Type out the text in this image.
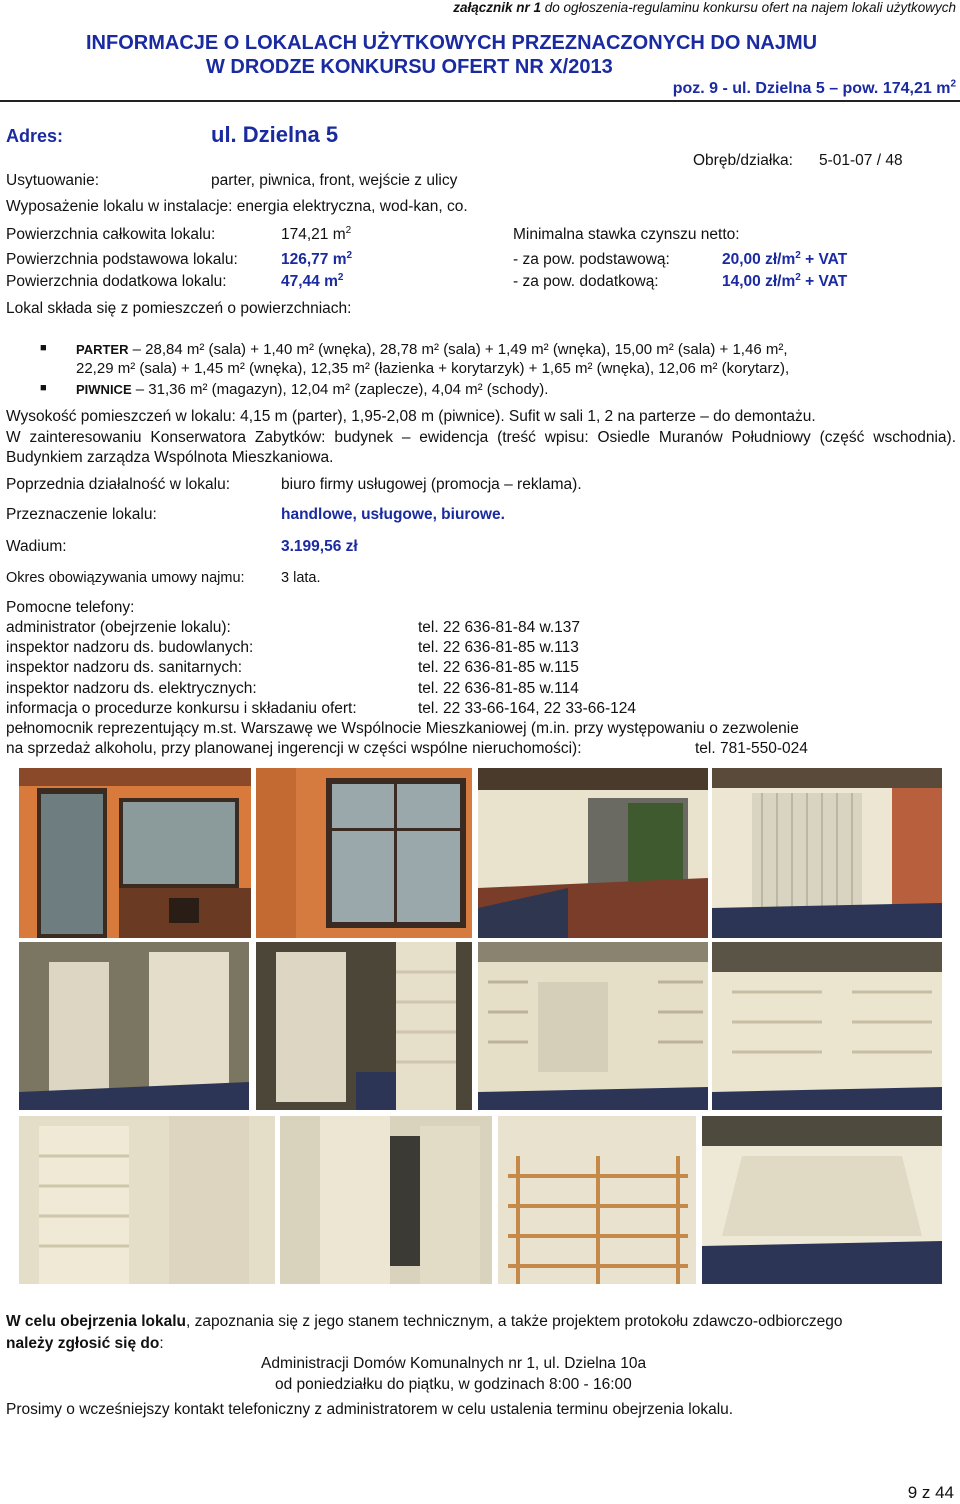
załącznik nr 1 do ogłoszenia-regulaminu konkursu ofert na najem lokali użytkowych
INFORMACJE O LOKALACH UŻYTKOWYCH PRZEZNACZONYCH DO NAJMU
W DRODZE KONKURSU OFERT NR X/2013
poz. 9 - ul. Dzielna 5 – pow. 174,21 $m^2$
Adres:	ul. Dzielna 5
Obręb/działka: 5-01-07 / 48
Usytuowanie:	parter, piwnica, front, wejście z ulicy
Wyposażenie lokalu w instalacje: energia elektryczna, wod-kan, co.
Powierzchnia całkowita lokalu:	174,21 $m^2$	Minimalna stawka czynszu netto:
Powierzchnia podstawowa lokalu:	126,77 $m^2$	- za pow. podstawową:	20,00 $zł/m^2$ + VAT
Powierzchnia dodatkowa lokalu:	47,44 $m^2$	- za pow. dodatkową:	14,00 $zł/m^2$ + VAT
Lokal składa się z pomieszczeń o powierzchniach:
■ PARTER – 28,84 m² (sala) + 1,40 m² (wnęka), 28,78 m² (sala) + 1,49 m² (wnęka), 15,00 m² (sala) + 1,46 m²,
22,29 m² (sala) + 1,45 m² (wnęka), 12,35 m² (łazienka + korytarzyk) + 1,65 m² (wnęka), 12,06 m² (korytarz),
■ PIWNICE – 31,36 m² (magazyn), 12,04 m² (zaplecze), 4,04 m² (schody).
Wysokość pomieszczeń w lokalu: 4,15 m (parter), 1,95-2,08 m (piwnice). Sufit w sali 1, 2 na parterze – do demontażu.
W zainteresowaniu Konserwatora Zabytków: budynek – ewidencja (treść wpisu: Osiedle Muranów Południowy (część wschodnia). Budynkiem zarządza Wspólnota Mieszkaniowa.
Poprzednia działalność w lokalu:	biuro firmy usługowej (promocja – reklama).
Przeznaczenie lokalu:	handlowe, usługowe, biurowe.
Wadium:	3.199,56 zł
Okres obowiązywania umowy najmu:	3 lata.
Pomocne telefony:
administrator (obejrzenie lokalu):	tel. 22 636-81-84 w.137
inspektor nadzoru ds. budowlanych:	tel. 22 636-81-85 w.113
inspektor nadzoru ds. sanitarnych:	tel. 22 636-81-85 w.115
inspektor nadzoru ds. elektrycznych:	tel. 22 636-81-85 w.114
informacja o procedurze konkursu i składaniu ofert:	tel. 22 33-66-164, 22 33-66-124
pełnomocnik reprezentujący m.st. Warszawę we Wspólnocie Mieszkaniowej (m.in. przy występowaniu o zezwolenie
na sprzedaż alkoholu, przy planowanej ingerencji w części wspólne nieruchomości):	tel. 781-550-024
W celu obejrzenia lokalu, zapoznania się z jego stanem technicznym, a także projektem protokołu zdawczo-odbiorczego
należy zgłosić się do:
Administracji Domów Komunalnych nr 1, ul. Dzielna 10a
od poniedziałku do piątku, w godzinach 8:00 - 16:00
Prosimy o wcześniejszy kontakt telefoniczny z administratorem w celu ustalenia terminu obejrzenia lokalu.
9 z 44
